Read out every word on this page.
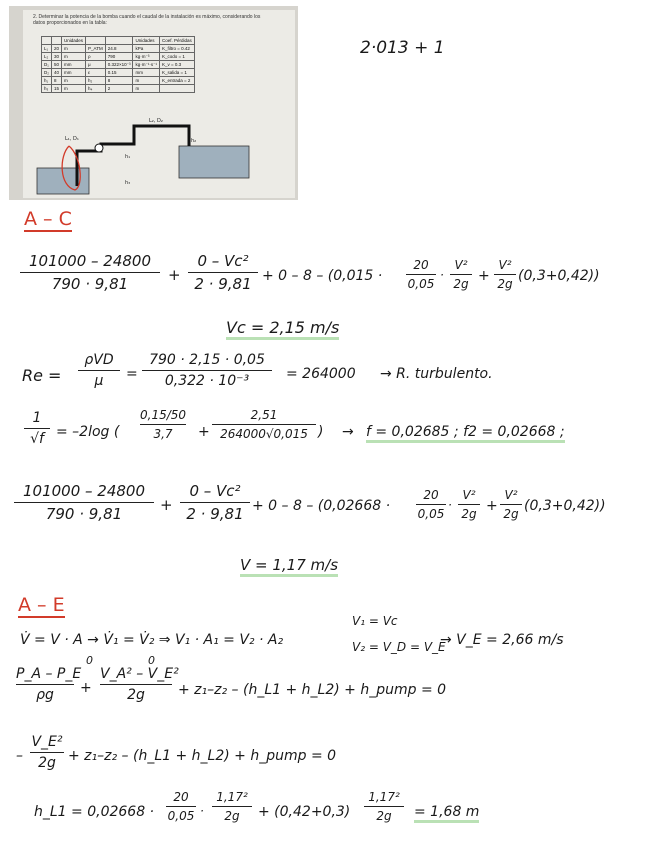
2. Determinar la potencia de la bomba cuando el caudal de la instalación es máximo, considerando los datos proporcionados en la tabla:
		Unidades			Unidades	Coef. Pérdidas
L₁	20	m	P_ATM	24.8	kPa	K_filtro = 0.42
L₂	30	m	ρ	790	kg·m⁻³	K_codo = 1
D₁	50	mm	μ	0.322×10⁻³	kg·m⁻¹·s⁻¹	K_v = 0.3
D₂	40	mm	ε	0.15	mm	K_salida = 1
h₁	8	m	h₂	8	m	K_entrada = 2
h₃	15	m	h₄	2	m	
L₁, D₁
L₂, D₂
h₁
h₂
h₃
2·013 + 1
A – C
101000 – 24800
790 · 9,81
+
0 – Vc²
2 · 9,81 + 0 – 8 – (0,015 ·
20
0,05
·
V²
2g
+
V²
2g
(0,3+0,42))
Vc = 2,15 m/s
Re =
ρVD
μ	=
790 · 2,15 · 0,05
0,322 · 10⁻³	= 264000 → R. turbulento.
1
√f = –2log (
0,15/50
3,7	+
2,51
264000√0,015 ) → f = 0,02685 ; f2 = 0,02668 ;
101000 – 24800
790 · 9,81
+
0 – Vc²
2 · 9,81 + 0 – 8 – (0,02668 ·
20
0,05
·
V²
2g
+
V²
2g
(0,3+0,42))
V = 1,17 m/s
A – E
V̇ = V · A → V̇₁ = V̇₂ ⇒ V₁ · A₁ = V₂ · A₂
V₁ = Vc
V₂ = V_D = V_E
→ V_E = 2,66 m/s
0	0
P_A – P_E
ρg	+
V_A² – V_E²
2g	+ z₁–z₂ – (h_L1 + h_L2) + h_pump = 0
–
V_E²
2g + z₁–z₂ – (h_L1 + h_L2) + h_pump = 0
h_L1 = 0,02668 ·
20
0,05 ·
1,17²
2g	+ (0,42+0,3)
1,17²
2g	= 1,68 m
